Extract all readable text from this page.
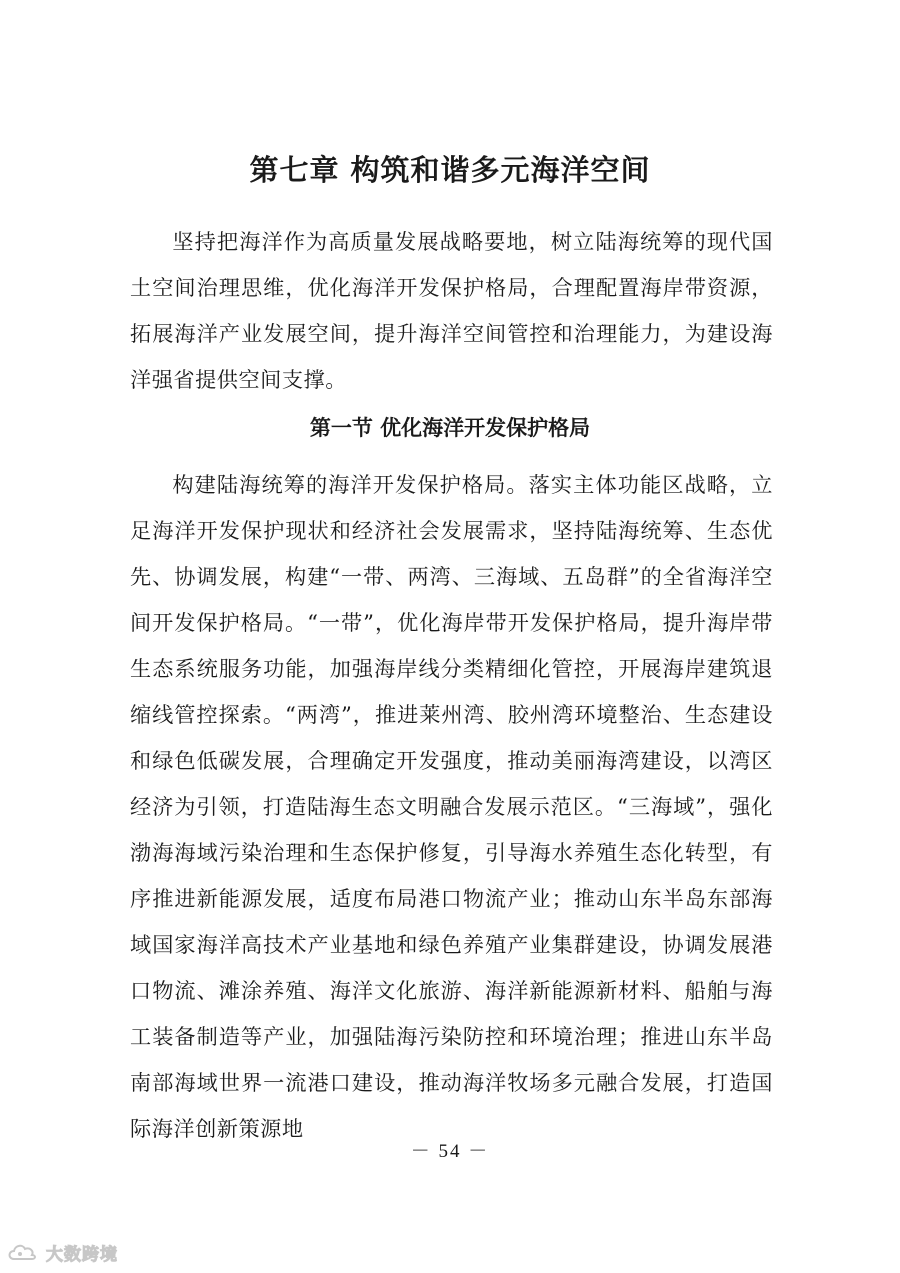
第七章 构筑和谐多元海洋空间

坚持把海洋作为高质量发展战略要地，树立陆海统筹的现代国土空间治理思维，优化海洋开发保护格局，合理配置海岸带资源，拓展海洋产业发展空间，提升海洋空间管控和治理能力，为建设海洋强省提供空间支撑。

第一节 优化海洋开发保护格局

构建陆海统筹的海洋开发保护格局。落实主体功能区战略，立足海洋开发保护现状和经济社会发展需求，坚持陆海统筹、生态优先、协调发展，构建“一带、两湾、三海域、五岛群”的全省海洋空间开发保护格局。“一带”，优化海岸带开发保护格局，提升海岸带生态系统服务功能，加强海岸线分类精细化管控，开展海岸建筑退缩线管控探索。“两湾”，推进莱州湾、胶州湾环境整治、生态建设和绿色低碳发展，合理确定开发强度，推动美丽海湾建设，以湾区经济为引领，打造陆海生态文明融合发展示范区。“三海域”，强化渤海海域污染治理和生态保护修复，引导海水养殖生态化转型，有序推进新能源发展，适度布局港口物流产业；推动山东半岛东部海域国家海洋高技术产业基地和绿色养殖产业集群建设，协调发展港口物流、滩涂养殖、海洋文化旅游、海洋新能源新材料、船舶与海工装备制造等产业，加强陆海污染防控和环境治理；推进山东半岛南部海域世界一流港口建设，推动海洋牧场多元融合发展，打造国际海洋创新策源地

－ 54 －
大数跨境
